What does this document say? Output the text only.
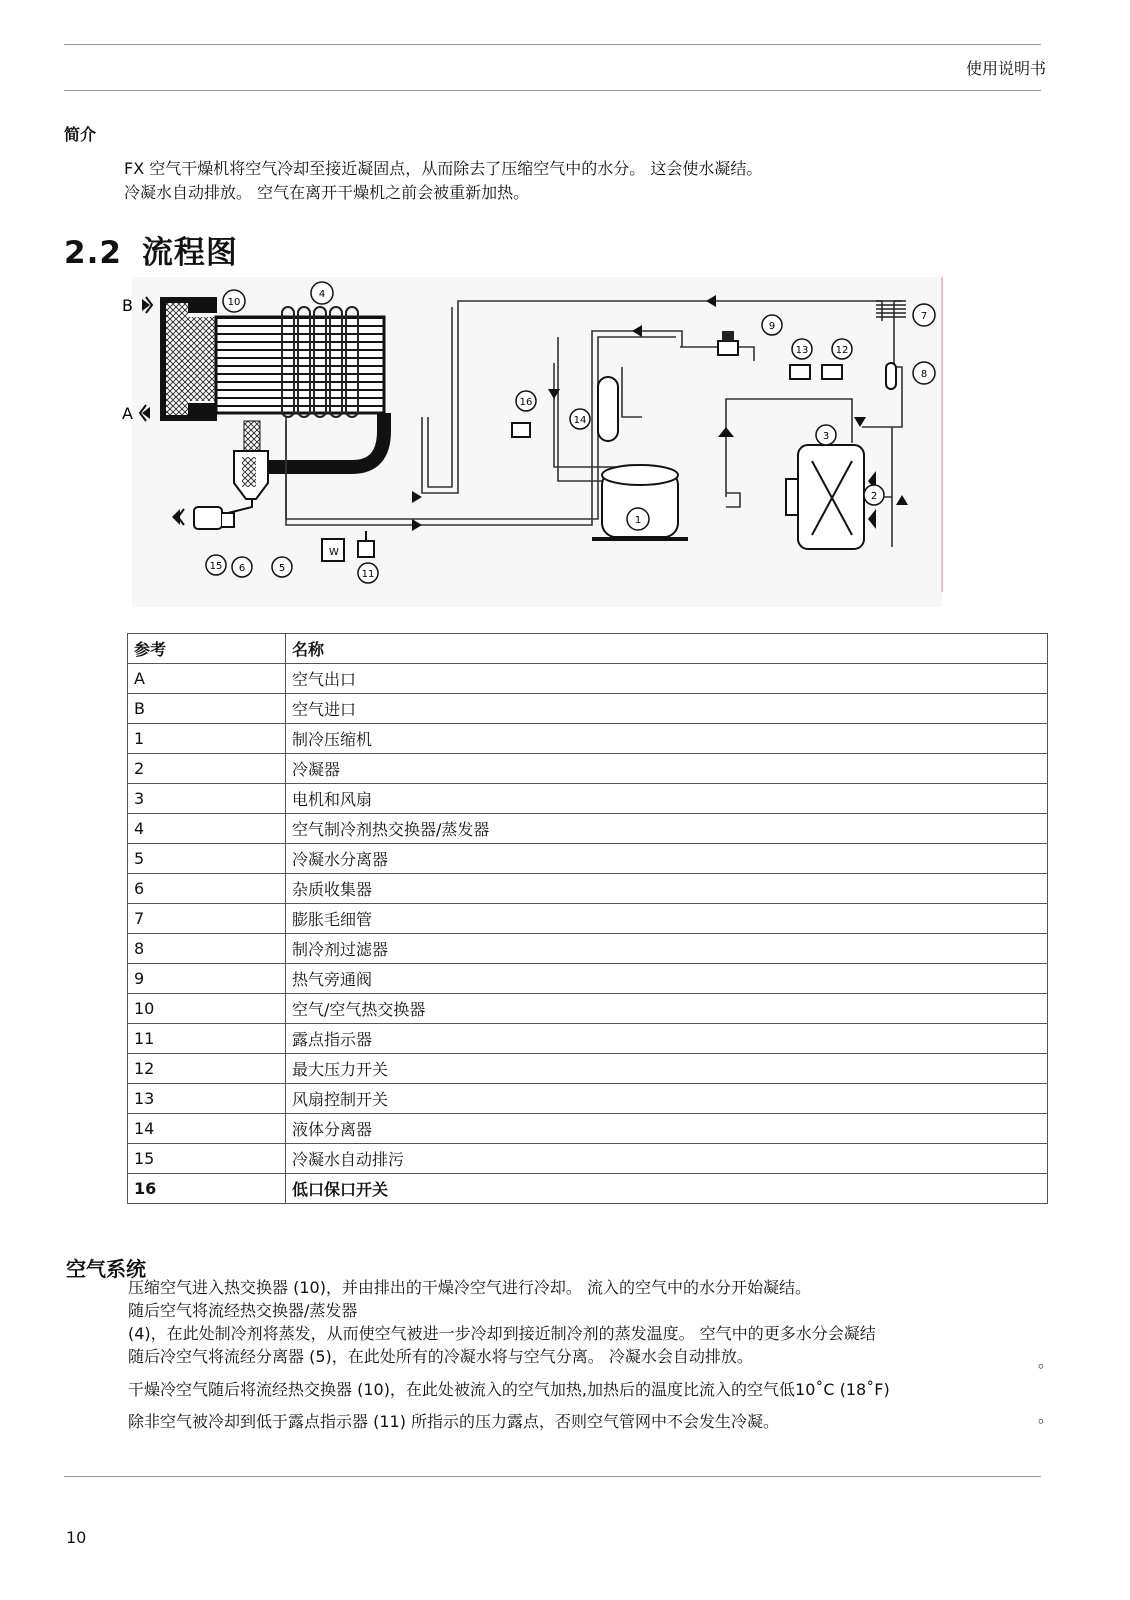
使用说明书
简介
FX 空气干燥机将空气冷却至接近凝固点，从而除去了压缩空气中的水分。 这会使水凝结。
冷凝水自动排放。 空气在离开干燥机之前会被重新加热。
2.2 流程图
B
A
W
1
2
3
4
5
6
7
8
9
10
11
12
13
14
15
16
参考	名称
A	空气出口
B	空气进口
1	制冷压缩机
2	冷凝器
3	电机和风扇
4	空气制冷剂热交换器/蒸发器
5	冷凝水分离器
6	杂质收集器
7	膨胀毛细管
8	制冷剂过滤器
9	热气旁通阀
10	空气/空气热交换器
11	露点指示器
12	最大压力开关
13	风扇控制开关
14	液体分离器
15	冷凝水自动排污
16	低口保口开关
空气系统
压缩空气进入热交换器 (10)，并由排出的干燥冷空气进行冷却。 流入的空气中的水分开始凝结。
随后空气将流经热交换器/蒸发器
(4)，在此处制冷剂将蒸发，从而使空气被进一步冷却到接近制冷剂的蒸发温度。 空气中的更多水分会凝结
随后冷空气将流经分离器 (5)，在此处所有的冷凝水将与空气分离。 冷凝水会自动排放。	。
干燥冷空气随后将流经热交换器 (10)，在此处被流入的空气加热,加热后的温度比流入的空气低10˚C (18˚F)
除非空气被冷却到低于露点指示器 (11) 所指示的压力露点，否则空气管网中不会发生冷凝。	。
10
